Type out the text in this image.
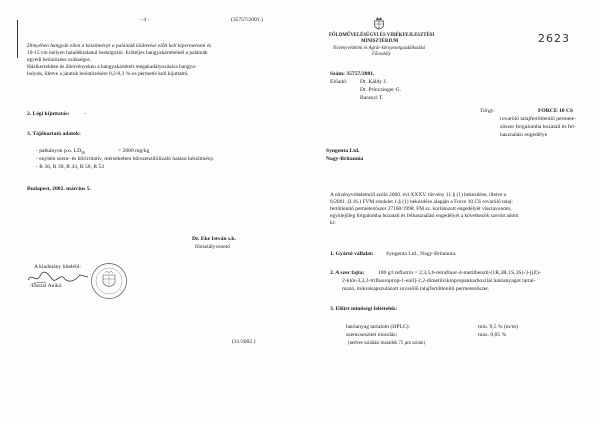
- 4 -	(35757/2001.)
Dimyében hangyák ellen a készítményt a palánták kiültetése előtt kell kipermetezni és
10-15 cm mélyen haladéktalanul bedolgozni. Erőteljes hangyakártételnél a palánták
egyedi beöntözése szükséges.
Házikertekben és ültetvényeken a hangyakártételt megakadályozására hangya-
bolyok, illetve a járatok beöntözésére 0,2-0,3 %-os permetlé kell kijuttatni.
2. Légi kijuttatás:	-
3. Tájékoztató adatok:
- patkányon p.o. $LD_{50}$	> 2000 mg/kg
- enyhén szem- és bőrirritatív, mérsékelten bőrszenzibilizáló hatású készítmény.
- R 36, R 38, R 43, R 50, R 53
Budapest, 2002. március 5.
Dr. Eke István s.k.
főosztályvezető
A kiadmány hiteléül:
/Dorzsi Anikó
(31/2002.)
FÖLDMŰVELÉSÜGYI ÉS VIDÉKFEJLESZTÉSI
MINISZTÉRIUM
Növényvédelmi és Agrár-környezetgazdálkodási
Főosztály
2623
Szám: 35757/2001.
Előadó: Dr. Káldy J.
Dr. Princzinger G.
Baranyi T.
Tárgy:	FORCE 10 CS
rovarölő talajfertőtlenítő permete-
zőszer forgalomba hozatali és fel-
használási engedélye
Syngenta Ltd.
Nagy-Britannia
A növényvédelemről szóló 2000. évi XXXV. törvény 11.§ (1) bekezdése, illetve a
6/2001. (I.16.) FVM rendelet 1.§ (1) bekezdése alapján a Force 10 CS rovarölő talaj-
fertőtlenítő permetezőszer 27160/1998. FM sz. korlátozott engedélyét visszavonom,
egyidejűleg forgalomba hozatali és felhasználási engedélyét a következők szerint adom
ki:
1. Gyártó vállalat: Syngenta Ltd., Nagy-Britannia.
2. A szer fajta: 100 g/l teflutrin = 2,3,5,6-tetrafluor-4-metilbenzil-(1R,3R,1S,3S)-3-[(Z)-
2-klór-3,3,3-trifluoroprop-1-enil]-2,2-dimetilciklopropankarboxilát hatóanyagot tartal-
mazó, mikrokapszulázott rovarölő talajfertőtlenítő permetezőszer.
3. Előírt minőségi feltételek:
hatóanyag tartalom (HPLC):	min. 9,5 % (m/m)
szemcseszitei eloszlás:	max. 0,05 %
(nedves szitálási maradék 75 µm szitán)
